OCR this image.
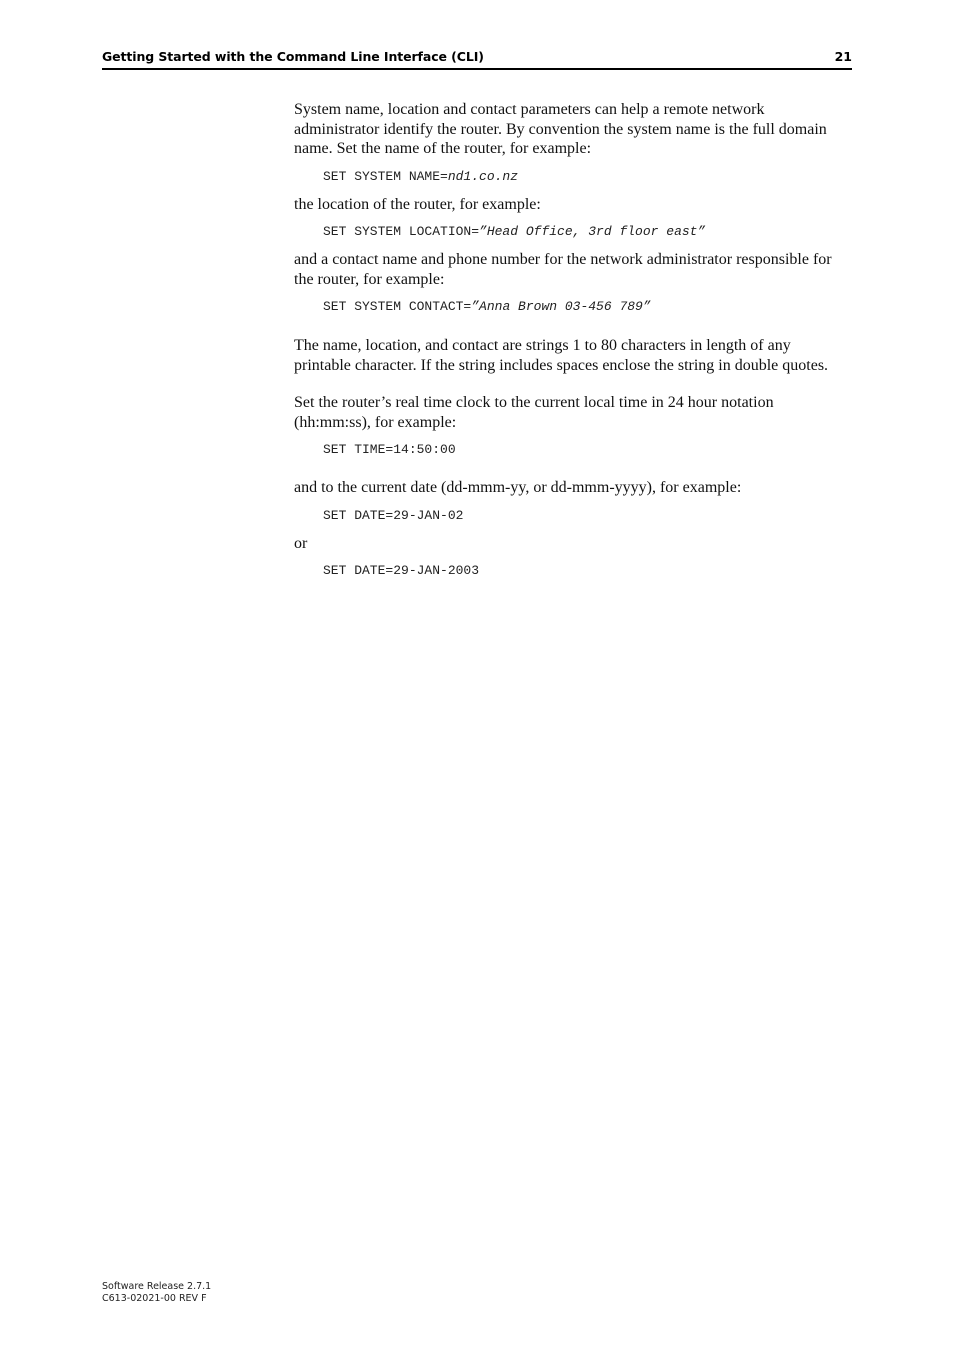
Getting Started with the Command Line Interface (CLI)	21

System name, location and contact parameters can help a remote network administrator identify the router. By convention the system name is the full domain name. Set the name of the router, for example:

SET SYSTEM NAME=nd1.co.nz

the location of the router, for example:

SET SYSTEM LOCATION=”Head Office, 3rd floor east”

and a contact name and phone number for the network administrator responsible for the router, for example:

SET SYSTEM CONTACT=”Anna Brown 03-456 789”

The name, location, and contact are strings 1 to 80 characters in length of any printable character. If the string includes spaces enclose the string in double quotes.

Set the router’s real time clock to the current local time in 24 hour notation (hh:mm:ss), for example:

SET TIME=14:50:00

and to the current date (dd-mmm-yy, or dd-mmm-yyyy), for example:

SET DATE=29-JAN-02

or

SET DATE=29-JAN-2003
Software Release 2.7.1
C613-02021-00 REV F
